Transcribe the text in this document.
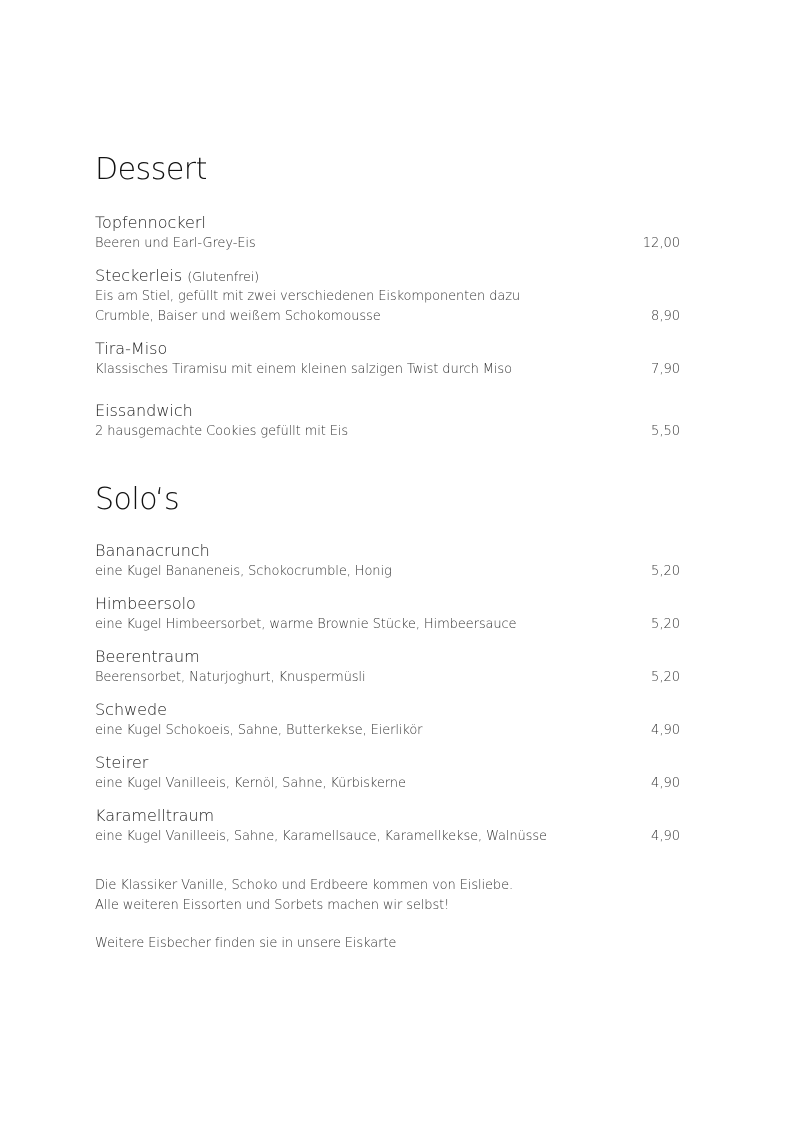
Dessert
Topfennockerl
Beeren und Earl-Grey-Eis	12,00
Steckerleis (Glutenfrei)
Eis am Stiel, gefüllt mit zwei verschiedenen Eiskomponenten dazu
Crumble, Baiser und weißem Schokomousse	8,90
Tira-Miso
Klassisches Tiramisu mit einem kleinen salzigen Twist durch Miso	7,90
Eissandwich
2 hausgemachte Cookies gefüllt mit Eis	5,50
Solo‘s
Bananacrunch
eine Kugel Bananeneis, Schokocrumble, Honig	5,20
Himbeersolo
eine Kugel Himbeersorbet, warme Brownie Stücke, Himbeersauce	5,20
Beerentraum
Beerensorbet, Naturjoghurt, Knuspermüsli	5,20
Schwede
eine Kugel Schokoeis, Sahne, Butterkekse, Eierlikör	4,90
Steirer
eine Kugel Vanilleeis, Kernöl, Sahne, Kürbiskerne	4,90
Karamelltraum
eine Kugel Vanilleeis, Sahne, Karamellsauce, Karamellkekse, Walnüsse	4,90
Die Klassiker Vanille, Schoko und Erdbeere kommen von Eisliebe.
Alle weiteren Eissorten und Sorbets machen wir selbst!
Weitere Eisbecher finden sie in unsere Eiskarte
